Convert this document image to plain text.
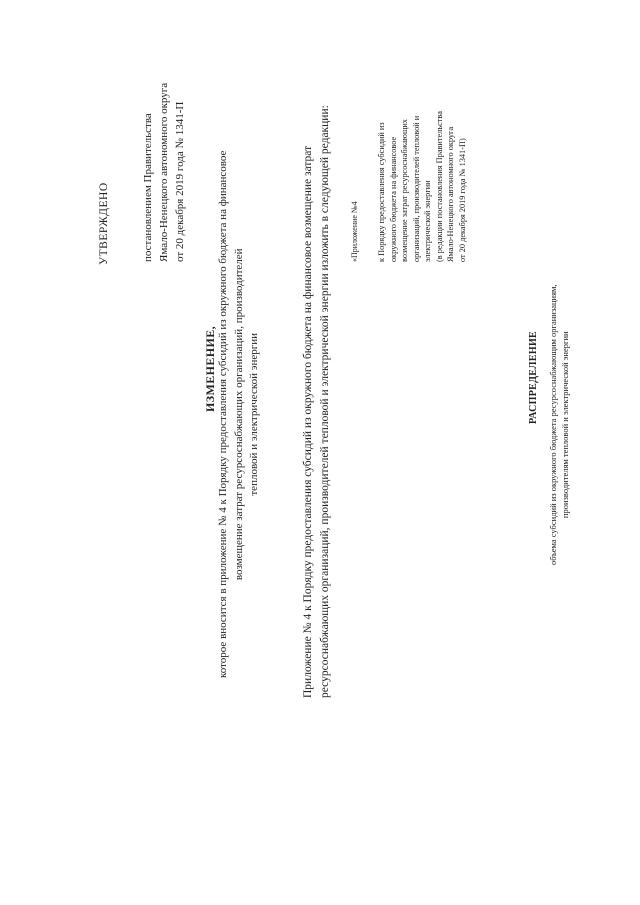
УТВЕРЖДЕНО	постановлением Правительства Ямало-Ненецкого автономного округа от 20 декабря 2019 года № 1341-П
ИЗМЕНЕНИЕ, которое вносится в приложение № 4 к Порядку предоставления субсидий из окружного бюджета на финансовое возмещение затрат ресурсоснабжающих организаций, производителей тепловой и электрической энергии	Приложение № 4 к Порядку предоставления субсидий из окружного бюджета на финансовое возмещение затрат ресурсоснабжающих организаций, производителей тепловой и электрической энергии изложить в следующей редакции:	«Приложение №4 к Порядку предоставления субсидий из окружного бюджета на финансовое возмещение затрат ресурсоснабжающих организаций, производителей тепловой и электрической энергии (в редакции постановления Правительства Ямало-Ненецкого автономного округа от 20 декабря 2019 года № 1341-П)
РАСПРЕДЕЛЕНИЕ объема субсидий из окружного бюджета ресурсоснабжающим организациям, производителям тепловой и электрической энергии
